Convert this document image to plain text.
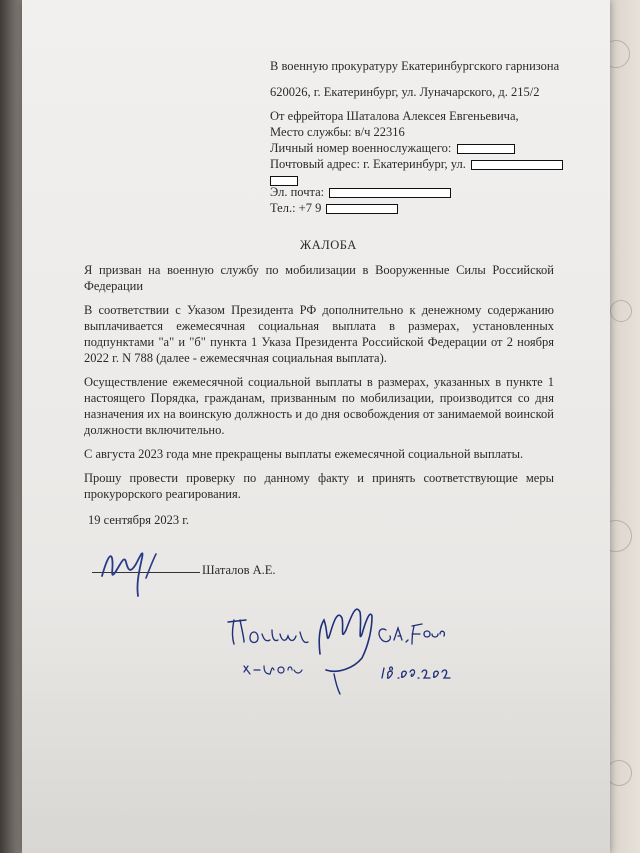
В военную прокуратуру Екатеринбургского гарнизона
620026, г. Екатеринбург, ул. Луначарского, д. 215/2
От ефрейтора Шаталова Алексея Евгеньевича,
Место службы: в/ч 22316
Личный номер военнослужащего:
Почтовый адрес: г. Екатеринбург, ул.
Эл. почта:
Тел.: +7 9
ЖАЛОБА
Я призван на военную службу по мобилизации в Вооруженные Силы Российской Федерации
В соответствии с Указом Президента РФ дополнительно к денежному содержанию выплачивается ежемесячная социальная выплата в размерах, установленных подпунктами "а" и "б" пункта 1 Указа Президента Российской Федерации от 2 ноября 2022 г. N 788 (далее - ежемесячная социальная выплата).
Осуществление ежемесячной социальной выплаты в размерах, указанных в пункте 1 настоящего Порядка, гражданам, призванным по мобилизации, производится со дня назначения их на воинскую должность и до дня освобождения от занимаемой воинской должности включительно.
С августа 2023 года мне прекращены выплаты ежемесячной социальной выплаты.
Прошу провести проверку по данному факту и принять соответствующие меры прокурорского реагирования.
19 сентября 2023 г.
Шаталов А.Е.
